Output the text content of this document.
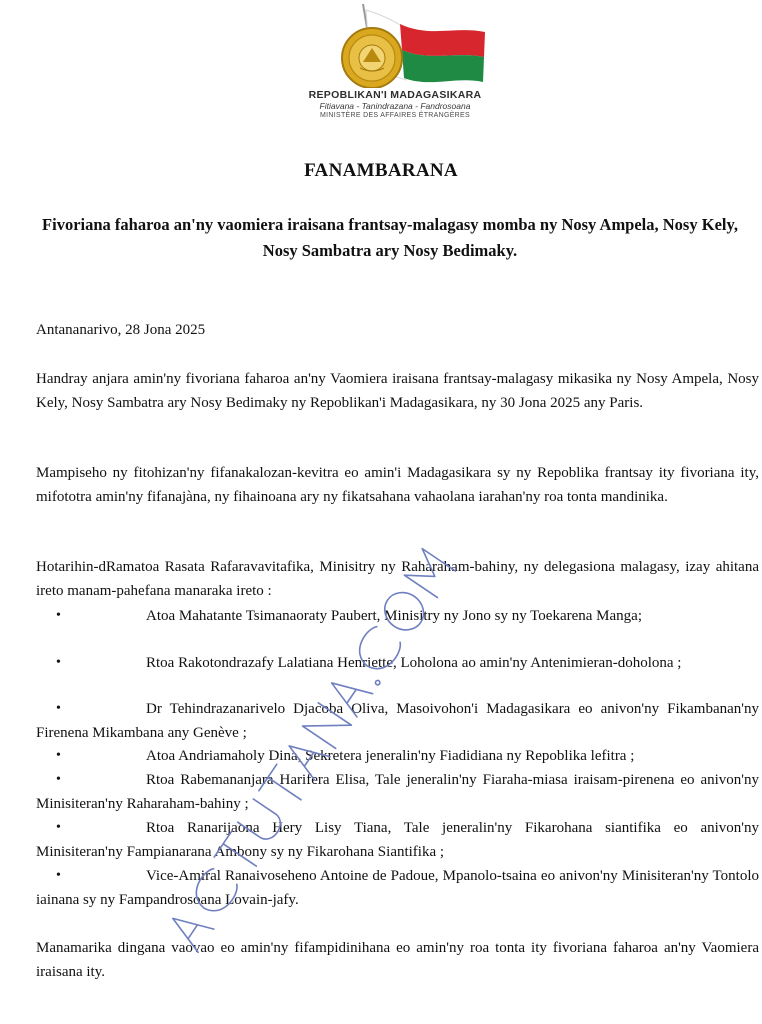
REPOBLIKAN'I MADAGASIKARA
Fitiavana - Tanindrazana - Fandrosoana
MINISTÈRE DES AFFAIRES ÉTRANGÈRES
FANAMBARANA
Fivoriana faharoa an'ny vaomiera iraisana frantsay-malagasy momba ny Nosy Ampela, Nosy Kely, Nosy Sambatra ary Nosy Bedimaky.

Antananarivo, 28 Jona 2025

Handray anjara amin'ny fivoriana faharoa an'ny Vaomiera iraisana frantsay-malagasy mikasika ny Nosy Ampela, Nosy Kely, Nosy Sambatra ary Nosy Bedimaky ny Repoblikan'i Madagasikara, ny 30 Jona 2025 any Paris.

Mampiseho ny fitohizan'ny fifanakalozan-kevitra eo amin'i Madagasikara sy ny Repoblika frantsay ity fivoriana ity, mifototra amin'ny fifanajàna, ny fihainoana ary ny fikatsahana vahaolana iarahan'ny roa tonta mandinika.

Hotarihin-dRamatoa Rasata Rafaravavitafika, Minisitry ny Raharaham-bahiny, ny delegasiona malagasy, izay ahitana ireto manam-pahefana manaraka ireto :

•	Atoa Mahatante Tsimanaoraty Paubert, Minisitry ny Jono sy ny Toekarena Manga;

•	Rtoa Rakotondrazafy Lalatiana Henriette, Loholona ao amin'ny Antenimieran-doholona ;

•	Dr Tehindrazanarivelo Djacoba Oliva, Masoivohon'i Madagasikara eo anivon'ny Fikambanan'ny Firenena Mikambana any Genève ;

•	Atoa Andriamaholy Dina, Sekretera jeneralin'ny Fiadidiana ny Repoblika lefitra ;

•	Rtoa Rabemananjara Harifera Elisa, Tale jeneralin'ny Fiaraha-miasa iraisam-pirenena eo anivon'ny Minisiteran'ny Raharaham-bahiny ;

•	Rtoa Ranarijaona Hery Lisy Tiana, Tale jeneralin'ny Fikarohana siantifika eo anivon'ny Minisiteran'ny Fampianarana Ambony sy ny Fikarohana Siantifika ;

•	Vice-Amiral Ranaivoseheno Antoine de Padoue, Mpanolo-tsaina eo anivon'ny Minisiteran'ny Tontolo iainana sy ny Fampandrosoana Lovain-jafy.

Manamarika dingana vaovao eo amin'ny fifampidinihana eo amin'ny roa tonta ity fivoriana faharoa an'ny Vaomiera iraisana ity.
